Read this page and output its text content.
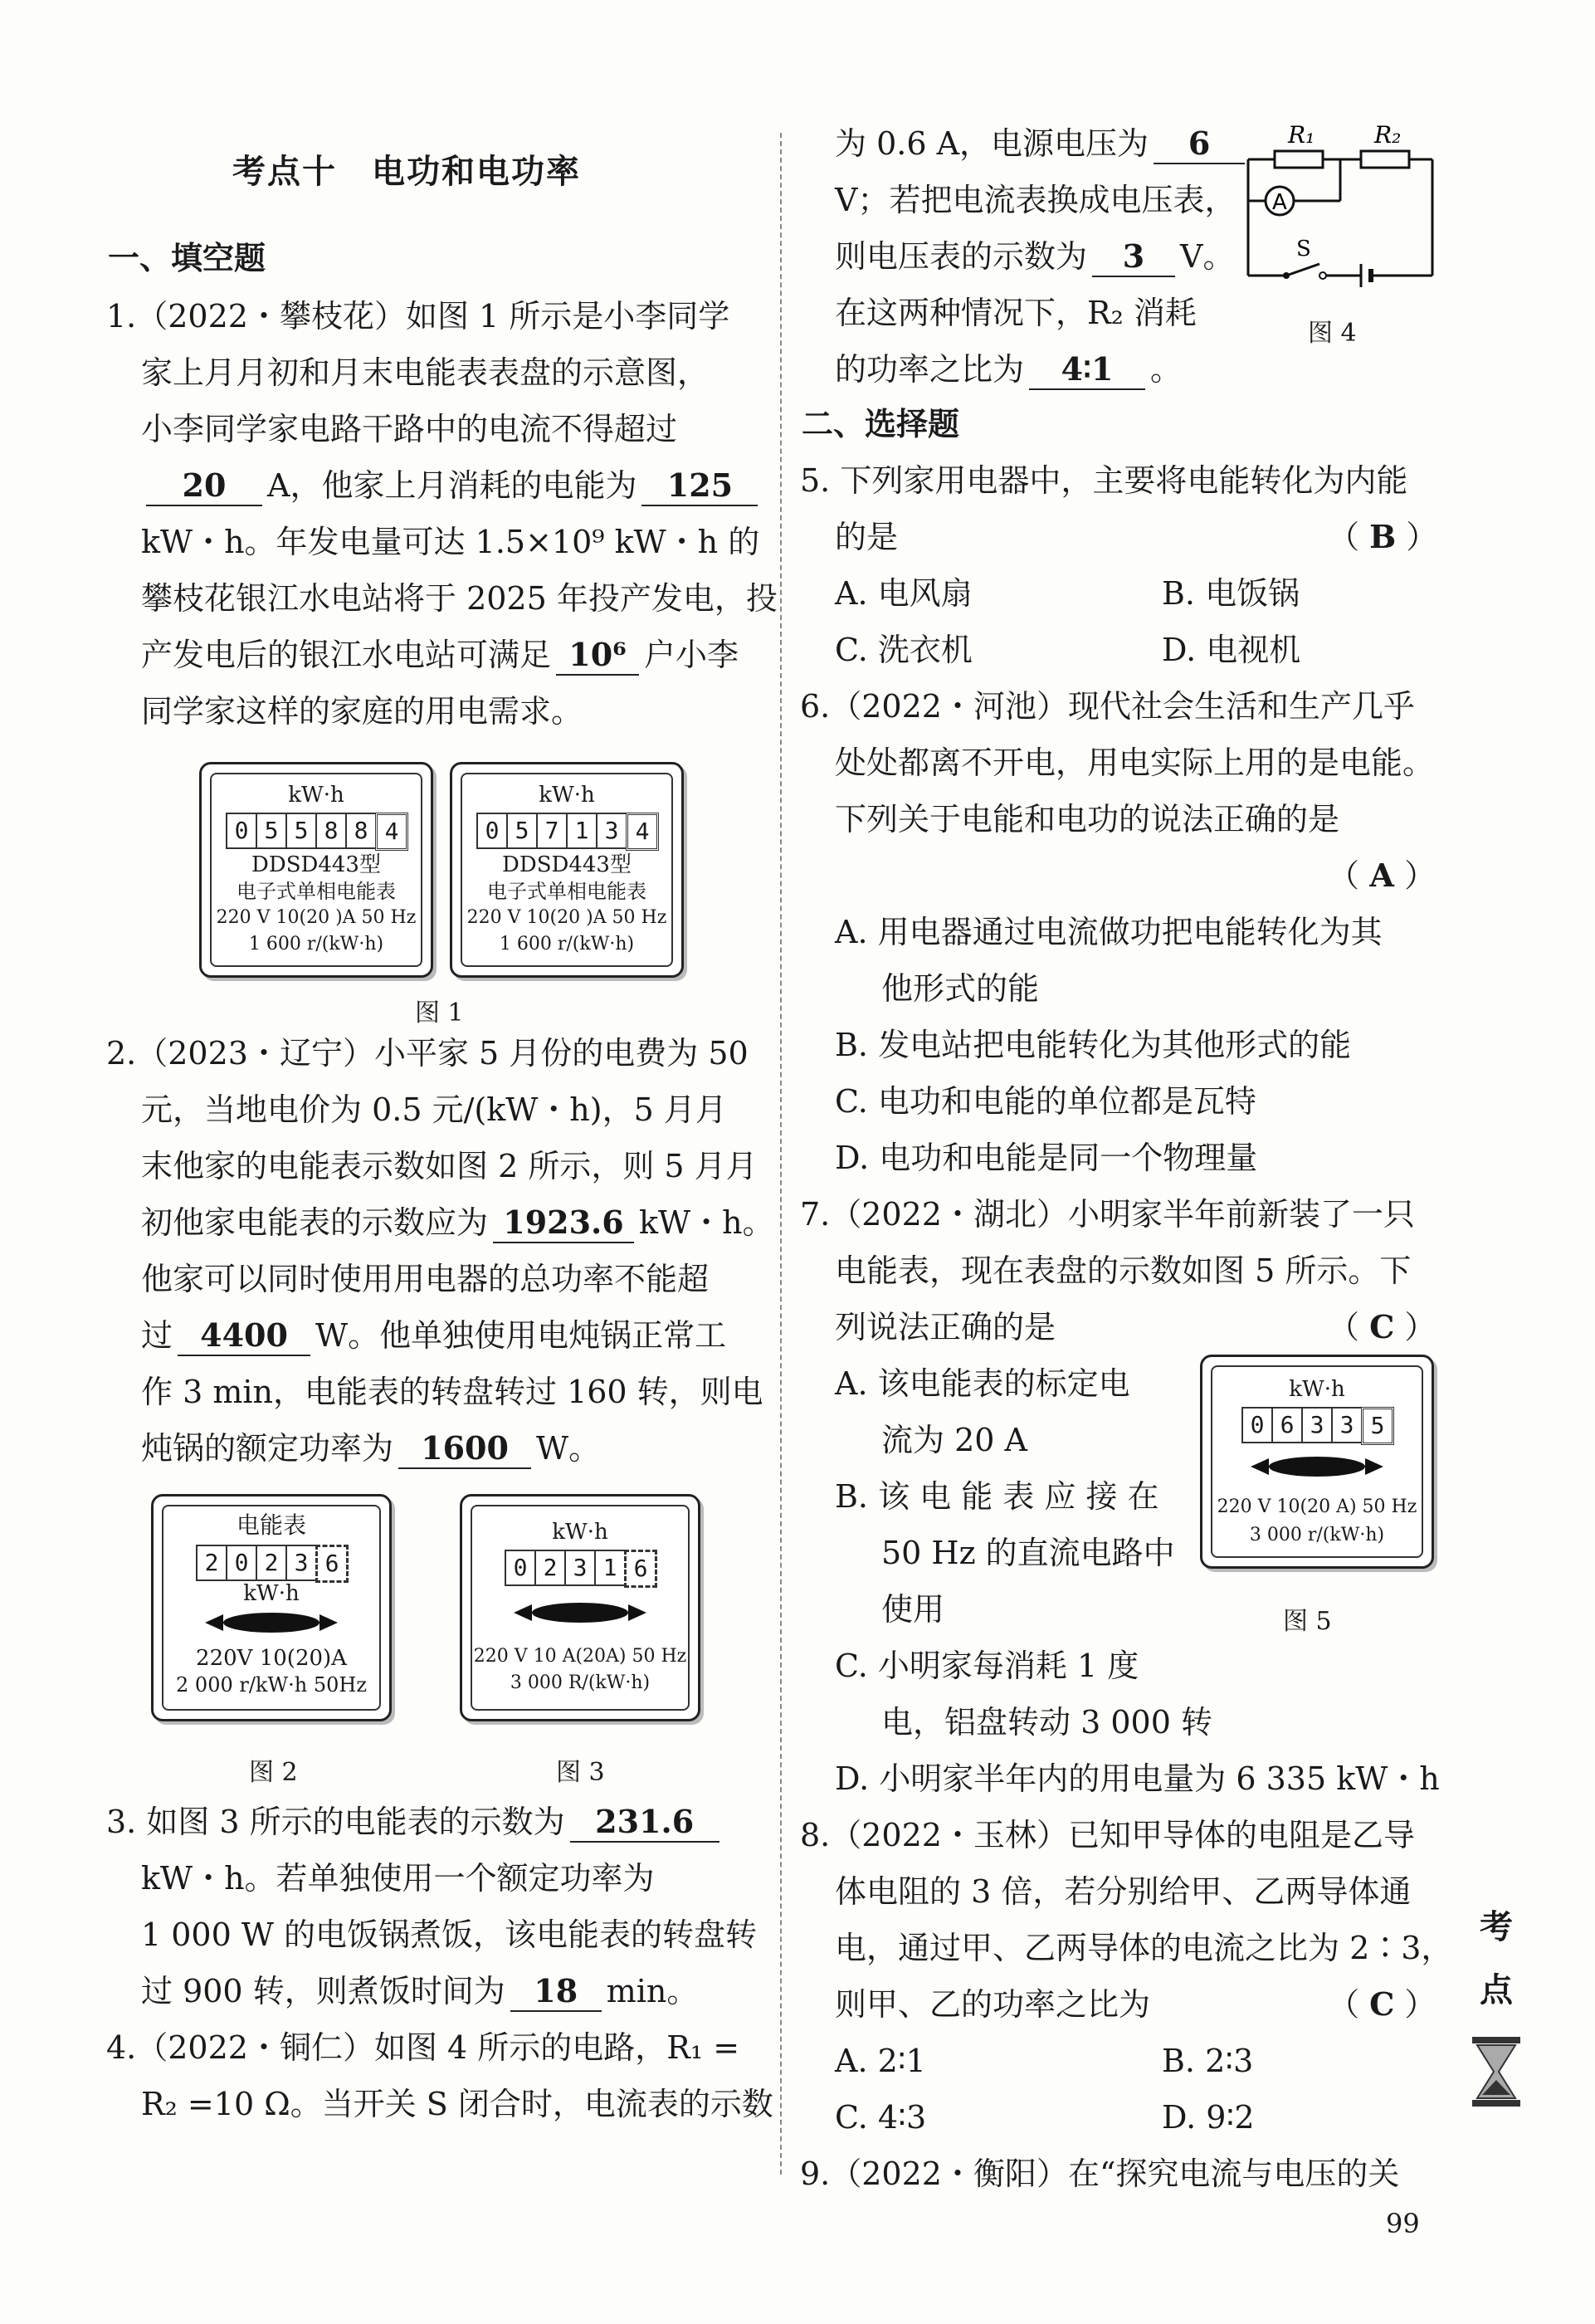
考点十　电功和电功率
一、填空题
1.（2022・攀枝花）如图 1 所示是小李同学
家上月月初和月末电能表表盘的示意图，
小李同学家电路干路中的电流不得超过
20 A，他家上月消耗的电能为 125
kW・h。年发电量可达 1.5×10⁹ kW・h 的
攀枝花银江水电站将于 2025 年投产发电，投
产发电后的银江水电站可满足 10⁶ 户小李
同学家这样的家庭的用电需求。
kW·h
0 5 5 8 8 4
DDSD443型
电子式单相电能表
220 V 10(20 )A 50 Hz
1 600 r/(kW·h)
kW·h
0 5 7 1 3 4
DDSD443型
电子式单相电能表
220 V 10(20 )A 50 Hz
1 600 r/(kW·h)
图 1
2.（2023・辽宁）小平家 5 月份的电费为 50
元，当地电价为 0.5 元/(kW・h)，5 月月
末他家的电能表示数如图 2 所示，则 5 月月
初他家电能表的示数应为 1923.6 kW・h。
他家可以同时使用用电器的总功率不能超
过 4400 W。他单独使用电炖锅正常工
作 3 min，电能表的转盘转过 160 转，则电
炖锅的额定功率为 1600 W。
电能表
2 0 2 3 6
kW·h
220V 10(20)A
2 000 r/kW·h 50Hz
图 2
kW·h
0 2 3 1 6
220 V 10 A(20A) 50 Hz
3 000 R/(kW·h)
图 3
3. 如图 3 所示的电能表的示数为 231.6
kW・h。若单独使用一个额定功率为
1 000 W 的电饭锅煮饭，该电能表的转盘转
过 900 转，则煮饭时间为 18 min。
4.（2022・铜仁）如图 4 所示的电路，R₁ =
R₂ =10 Ω。当开关 S 闭合时，电流表的示数
为 0.6 A，电源电压为 6
V；若把电流表换成电压表，
则电压表的示数为 3 V。
在这两种情况下，R₂ 消耗
的功率之比为 4∶1 。
R₁	R₂
A
S
图 4
二、选择题
5. 下列家用电器中，主要将电能转化为内能
的是	（ B ）
A. 电风扇	B. 电饭锅
C. 洗衣机	D. 电视机
6.（2022・河池）现代社会生活和生产几乎
处处都离不开电，用电实际上用的是电能。
下列关于电能和电功的说法正确的是
（ A ）
A. 用电器通过电流做功把电能转化为其
他形式的能
B. 发电站把电能转化为其他形式的能
C. 电功和电能的单位都是瓦特
D. 电功和电能是同一个物理量
7.（2022・湖北）小明家半年前新装了一只
电能表，现在表盘的示数如图 5 所示。下
列说法正确的是	（ C ）
A. 该电能表的标定电
流为 20 A
B. 该 电 能 表 应 接 在
50 Hz 的直流电路中
使用
C. 小明家每消耗 1 度
电，铝盘转动 3 000 转
D. 小明家半年内的用电量为 6 335 kW・h
kW·h
0 6 3 3 5
220 V 10(20 A) 50 Hz
3 000 r/(kW·h)
图 5
8.（2022・玉林）已知甲导体的电阻是乙导
体电阻的 3 倍，若分别给甲、乙两导体通
电，通过甲、乙两导体的电流之比为 2∶3，
则甲、乙的功率之比为	（ C ）
A. 2∶1	B. 2∶3
C. 4∶3	D. 9∶2
9.（2022・衡阳）在“探究电流与电压的关
考
点
99
